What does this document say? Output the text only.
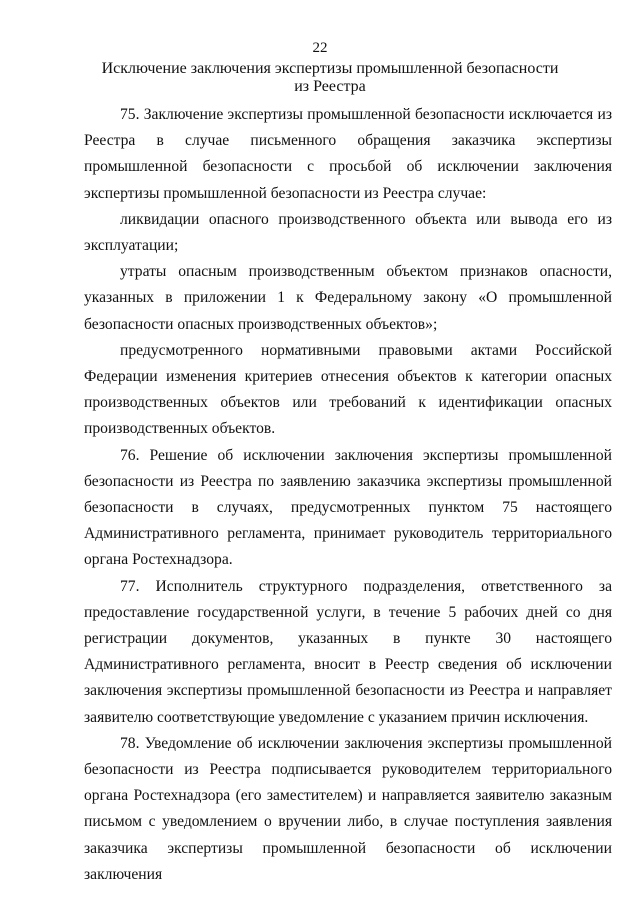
22
Исключение заключения экспертизы промышленной безопасности
из Реестра

75. Заключение экспертизы промышленной безопасности исключается из Реестра в случае письменного обращения заказчика экспертизы промышленной безопасности с просьбой об исключении заключения экспертизы промышленной безопасности из Реестра случае:

ликвидации опасного производственного объекта или вывода его из эксплуатации;

утраты опасным производственным объектом признаков опасности, указанных в приложении 1 к Федеральному закону «О промышленной безопасности опасных производственных объектов»;

предусмотренного нормативными правовыми актами Российской Федерации изменения критериев отнесения объектов к категории опасных производственных объектов или требований к идентификации опасных производственных объектов.

76. Решение об исключении заключения экспертизы промышленной безопасности из Реестра по заявлению заказчика экспертизы промышленной безопасности в случаях, предусмотренных пунктом 75 настоящего Административного регламента, принимает руководитель территориального органа Ростехнадзора.

77. Исполнитель структурного подразделения, ответственного за предоставление государственной услуги, в течение 5 рабочих дней со дня регистрации документов, указанных в пункте 30 настоящего Административного регламента, вносит в Реестр сведения об исключении заключения экспертизы промышленной безопасности из Реестра и направляет заявителю соответствующие уведомление с указанием причин исключения.

78. Уведомление об исключении заключения экспертизы промышленной безопасности из Реестра подписывается руководителем территориального органа Ростехнадзора (его заместителем) и направляется заявителю заказным письмом с уведомлением о вручении либо, в случае поступления заявления заказчика экспертизы промышленной безопасности об исключении заключения
